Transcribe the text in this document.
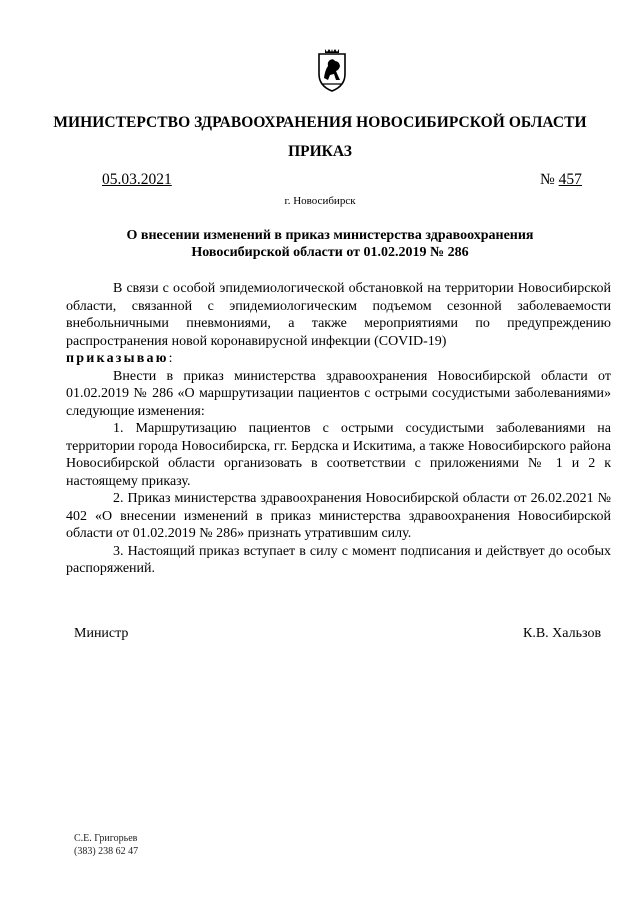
МИНИСТЕРСТВО ЗДРАВООХРАНЕНИЯ НОВОСИБИРСКОЙ ОБЛАСТИ
ПРИКАЗ
05.03.2021	№ 457
г. Новосибирск
О внесении изменений в приказ министерства здравоохранения
Новосибирской области от 01.02.2019 № 286

В связи с особой эпидемиологической обстановкой на территории Новосибирской области, связанной с эпидемиологическим подъемом сезонной заболеваемости внебольничными пневмониями, а также мероприятиями по предупреждению распространения новой коронавирусной инфекции (COVID-19)
приказываю:

Внести в приказ министерства здравоохранения Новосибирской области от 01.02.2019 № 286 «О маршрутизации пациентов с острыми сосудистыми заболеваниями» следующие изменения:

1. Маршрутизацию пациентов с острыми сосудистыми заболеваниями на территории города Новосибирска, гг. Бердска и Искитима, а также Новосибирского района Новосибирской области организовать в соответствии с приложениями № 1 и 2 к настоящему приказу.

2. Приказ министерства здравоохранения Новосибирской области от 26.02.2021 № 402 «О внесении изменений в приказ министерства здравоохранения Новосибирской области от 01.02.2019 № 286» признать утратившим силу.

3. Настоящий приказ вступает в силу с момент подписания и действует до особых распоряжений.

Министр	К.В. Хальзов
С.Е. Григорьев
(383) 238 62 47
